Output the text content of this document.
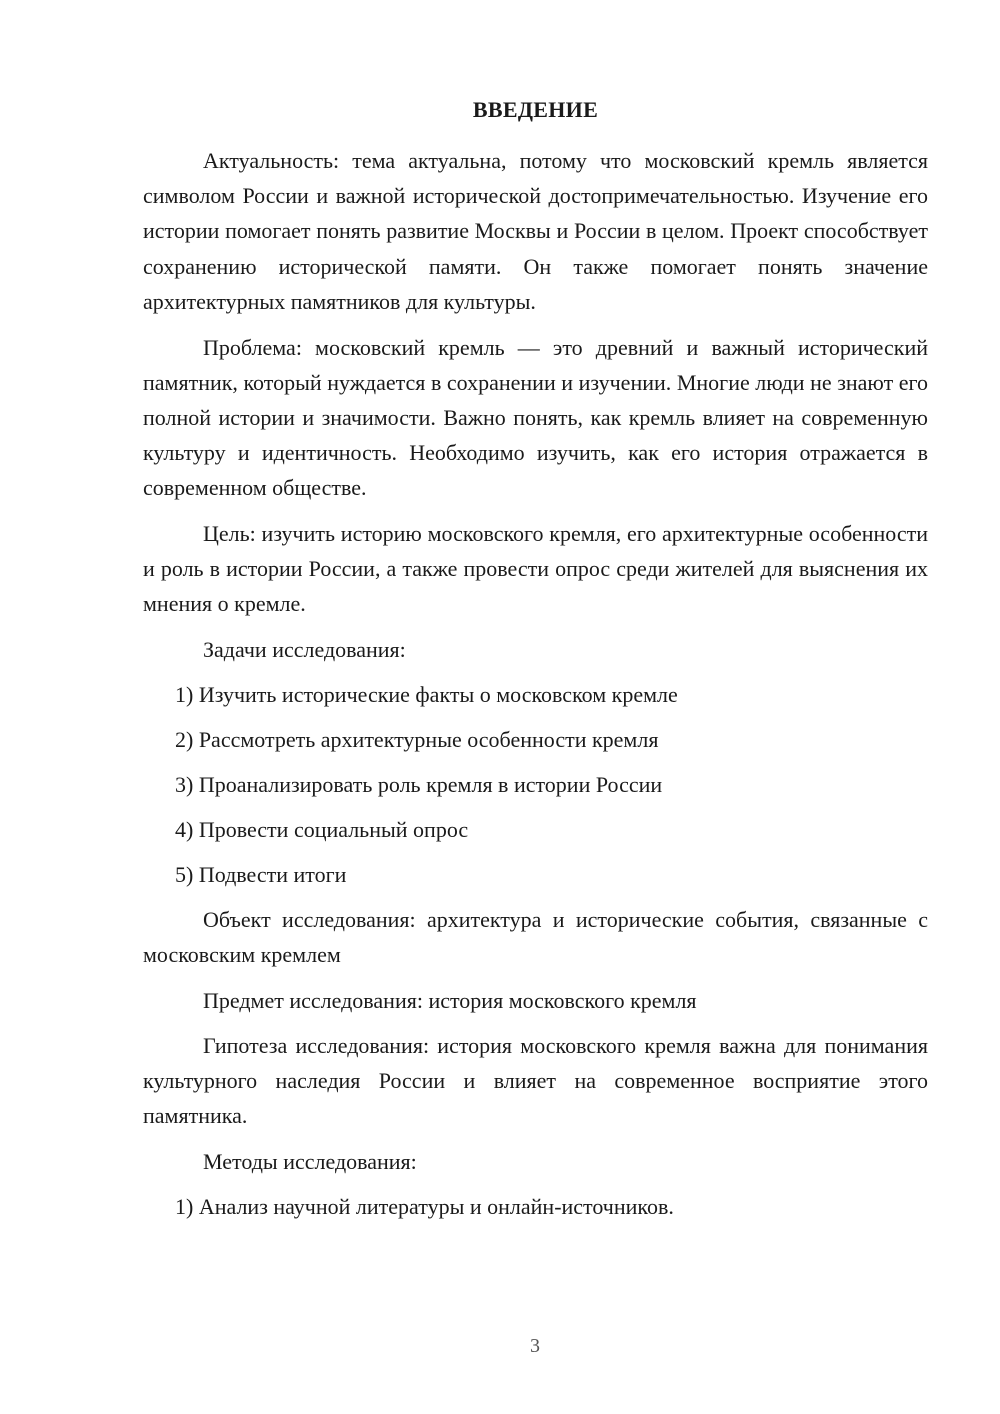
ВВЕДЕНИЕ

Актуальность: тема актуальна, потому что московский кремль является символом России и важной исторической достопримечательностью. Изучение его истории помогает понять развитие Москвы и России в целом. Проект способствует сохранению исторической памяти. Он также помогает понять значение архитектурных памятников для культуры.

Проблема: московский кремль — это древний и важный исторический памятник, который нуждается в сохранении и изучении. Многие люди не знают его полной истории и значимости. Важно понять, как кремль влияет на современную культуру и идентичность. Необходимо изучить, как его история отражается в современном обществе.

Цель: изучить историю московского кремля, его архитектурные особенности и роль в истории России, а также провести опрос среди жителей для выяснения их мнения о кремле.

Задачи исследования:
1) Изучить исторические факты о московском кремле
2) Рассмотреть архитектурные особенности кремля
3) Проанализировать роль кремля в истории России
4) Провести социальный опрос
5) Подвести итоги

Объект исследования: архитектура и исторические события, связанные с московским кремлем

Предмет исследования: история московского кремля

Гипотеза исследования: история московского кремля важна для понимания культурного наследия России и влияет на современное восприятие этого памятника.

Методы исследования:
1) Анализ научной литературы и онлайн-источников.
3
